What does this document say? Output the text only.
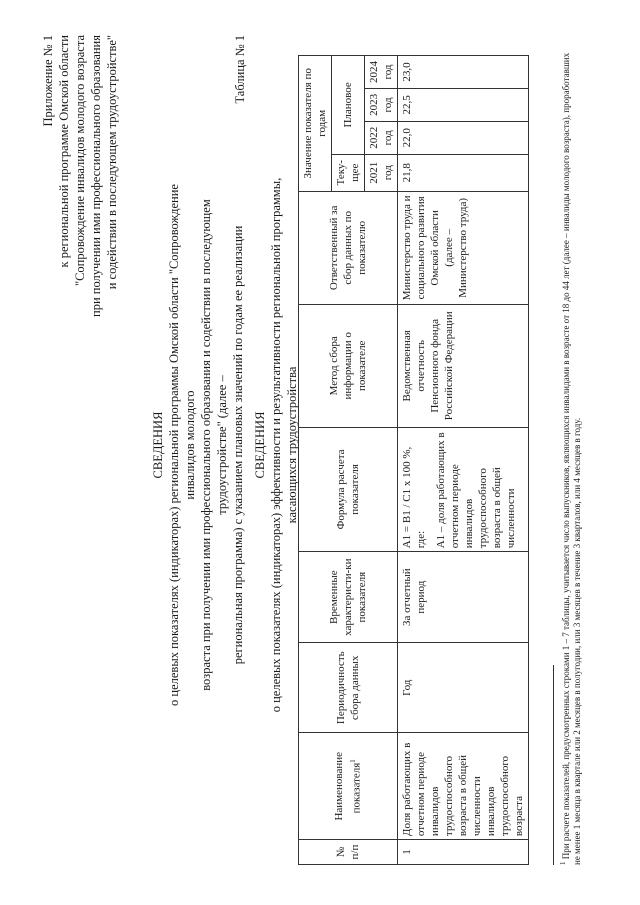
Приложение № 1 к региональной программе Омской области "Сопровождение инвалидов молодого возраста при получении ими профессионального образования и содействии в последующем трудоустройстве"
СВЕДЕНИЯ о целевых показателях (индикаторах) региональной программы Омской области "Сопровождение инвалидов молодого возраста при получении ими профессионального образования и содействии в последующем трудоустройстве" (далее – региональная программа) с указанием плановых значений по годам ее реализации
Таблица № 1
СВЕДЕНИЯ о целевых показателях (индикаторах) эффективности и результативности региональной программы, касающихся трудоустройства
№ п/п	Наименование показателя$^1$	Периодичность сбора данных	Временные характеристи-ки показателя	Формула расчета показателя	Метод сбора информации о показателе	Ответственный за сбор данных по показателю	Значение показателя по годам			
							Теку-щее	Плановое		
							2021 год	2022 год	2023 год	2024 год
1	Доля работающих в отчетном периоде инвалидов трудоспособного возраста в общей численности инвалидов трудоспособного возраста	Год	За отчетный период	А1 = В1 / С1 x 100 %, где: А1 – доля работающих в отчетном периоде инвалидов трудоспособного возраста в общей численности	Ведомственная отчетность Пенсионного фонда Российской Федерации	Министерство труда и социального развития Омской области (далее – Министерство труда)	21,8	22,0	22,5	23,0
$^1$ При расчете показателей, предусмотренных строками 1 – 7 таблицы, учитывается число выпускников, являющихся инвалидами в возрасте от 18 до 44 лет (далее – инвалиды молодого возраста), проработавших не менее 1 месяца в квартале или 2 месяцев в полугодии, или 3 месяцев в течение 3 кварталов, или 4 месяцев в году.
